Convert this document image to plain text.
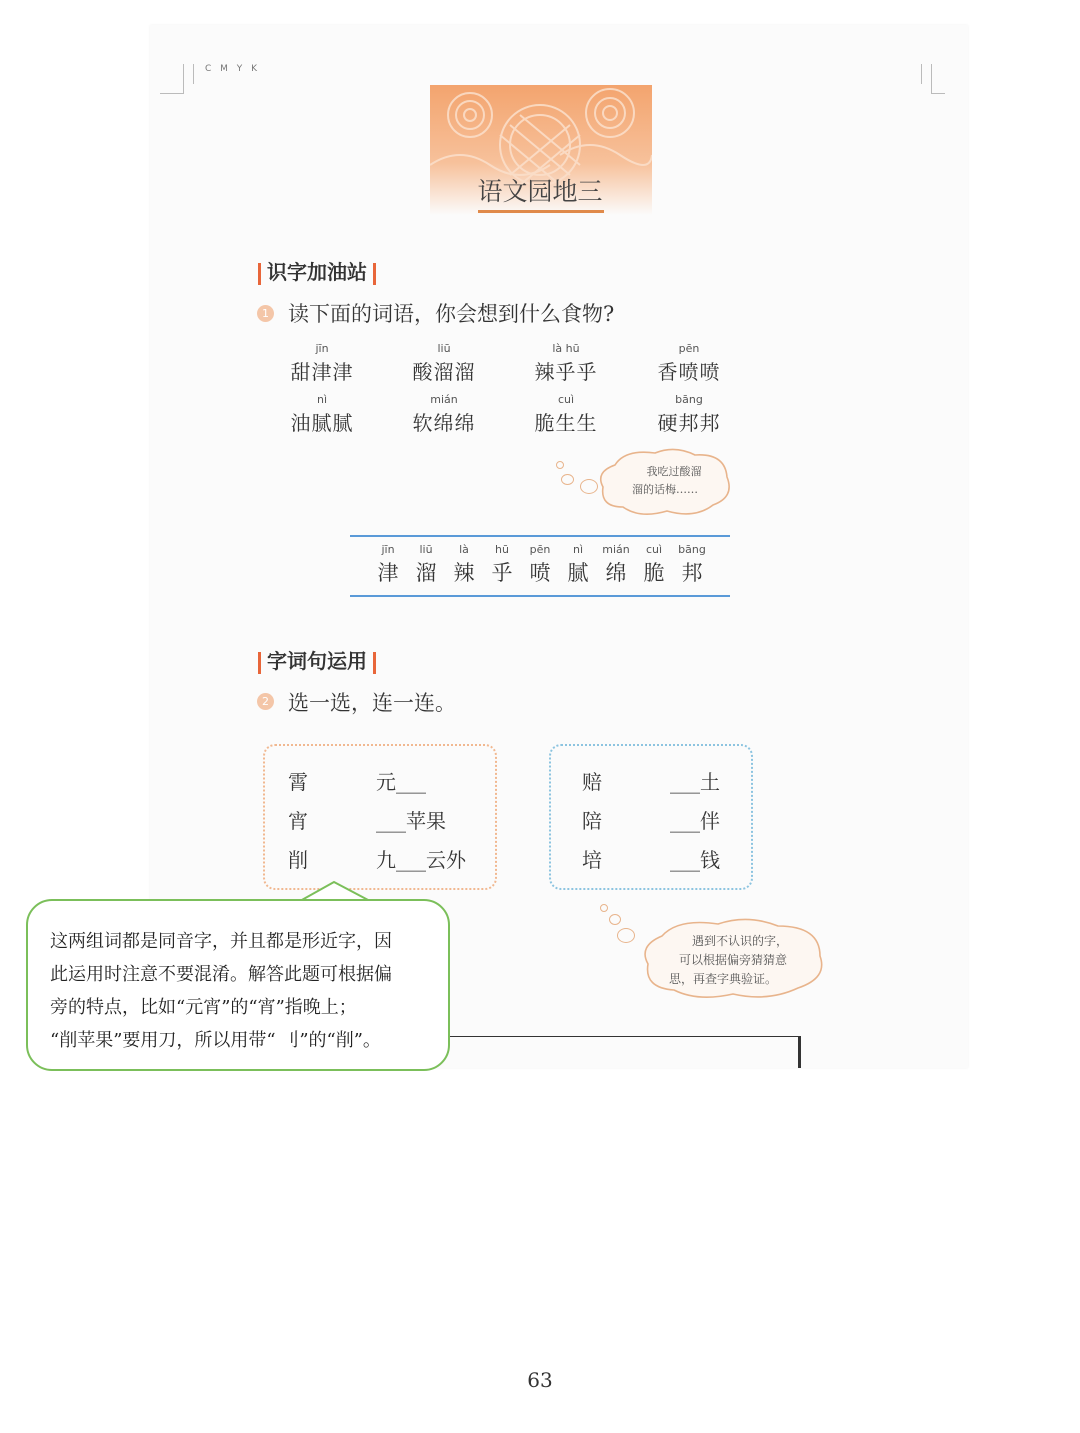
C M Y K
语文园地三
识字加油站
1 读下面的词语，你会想到什么食物?
jīn
甜津津
liū
酸溜溜
là hū
辣乎乎
pēn
香喷喷
nì
油腻腻
mián
软绵绵
cuì
脆生生
bāng
硬邦邦
我吃过酸溜
溜的话梅……
jīn
津
liū
溜
là
辣
hū
乎
pēn
喷
nì
腻
mián
绵
cuì
脆
bāng
邦
字词句运用
2 选一选，连一连。
霄
宵
削
元___
___苹果
九___云外
赔
陪
培
___土
___伴
___钱
遇到不认识的字，
可以根据偏旁猜猜意
思，再查字典验证。
这两组词都是同音字，并且都是形近字，因
此运用时注意不要混淆。解答此题可根据偏
旁的特点，比如“元宵”的“宵”指晚上；
“削苹果”要用刀，所以用带“ 刂”的“削”。
63
